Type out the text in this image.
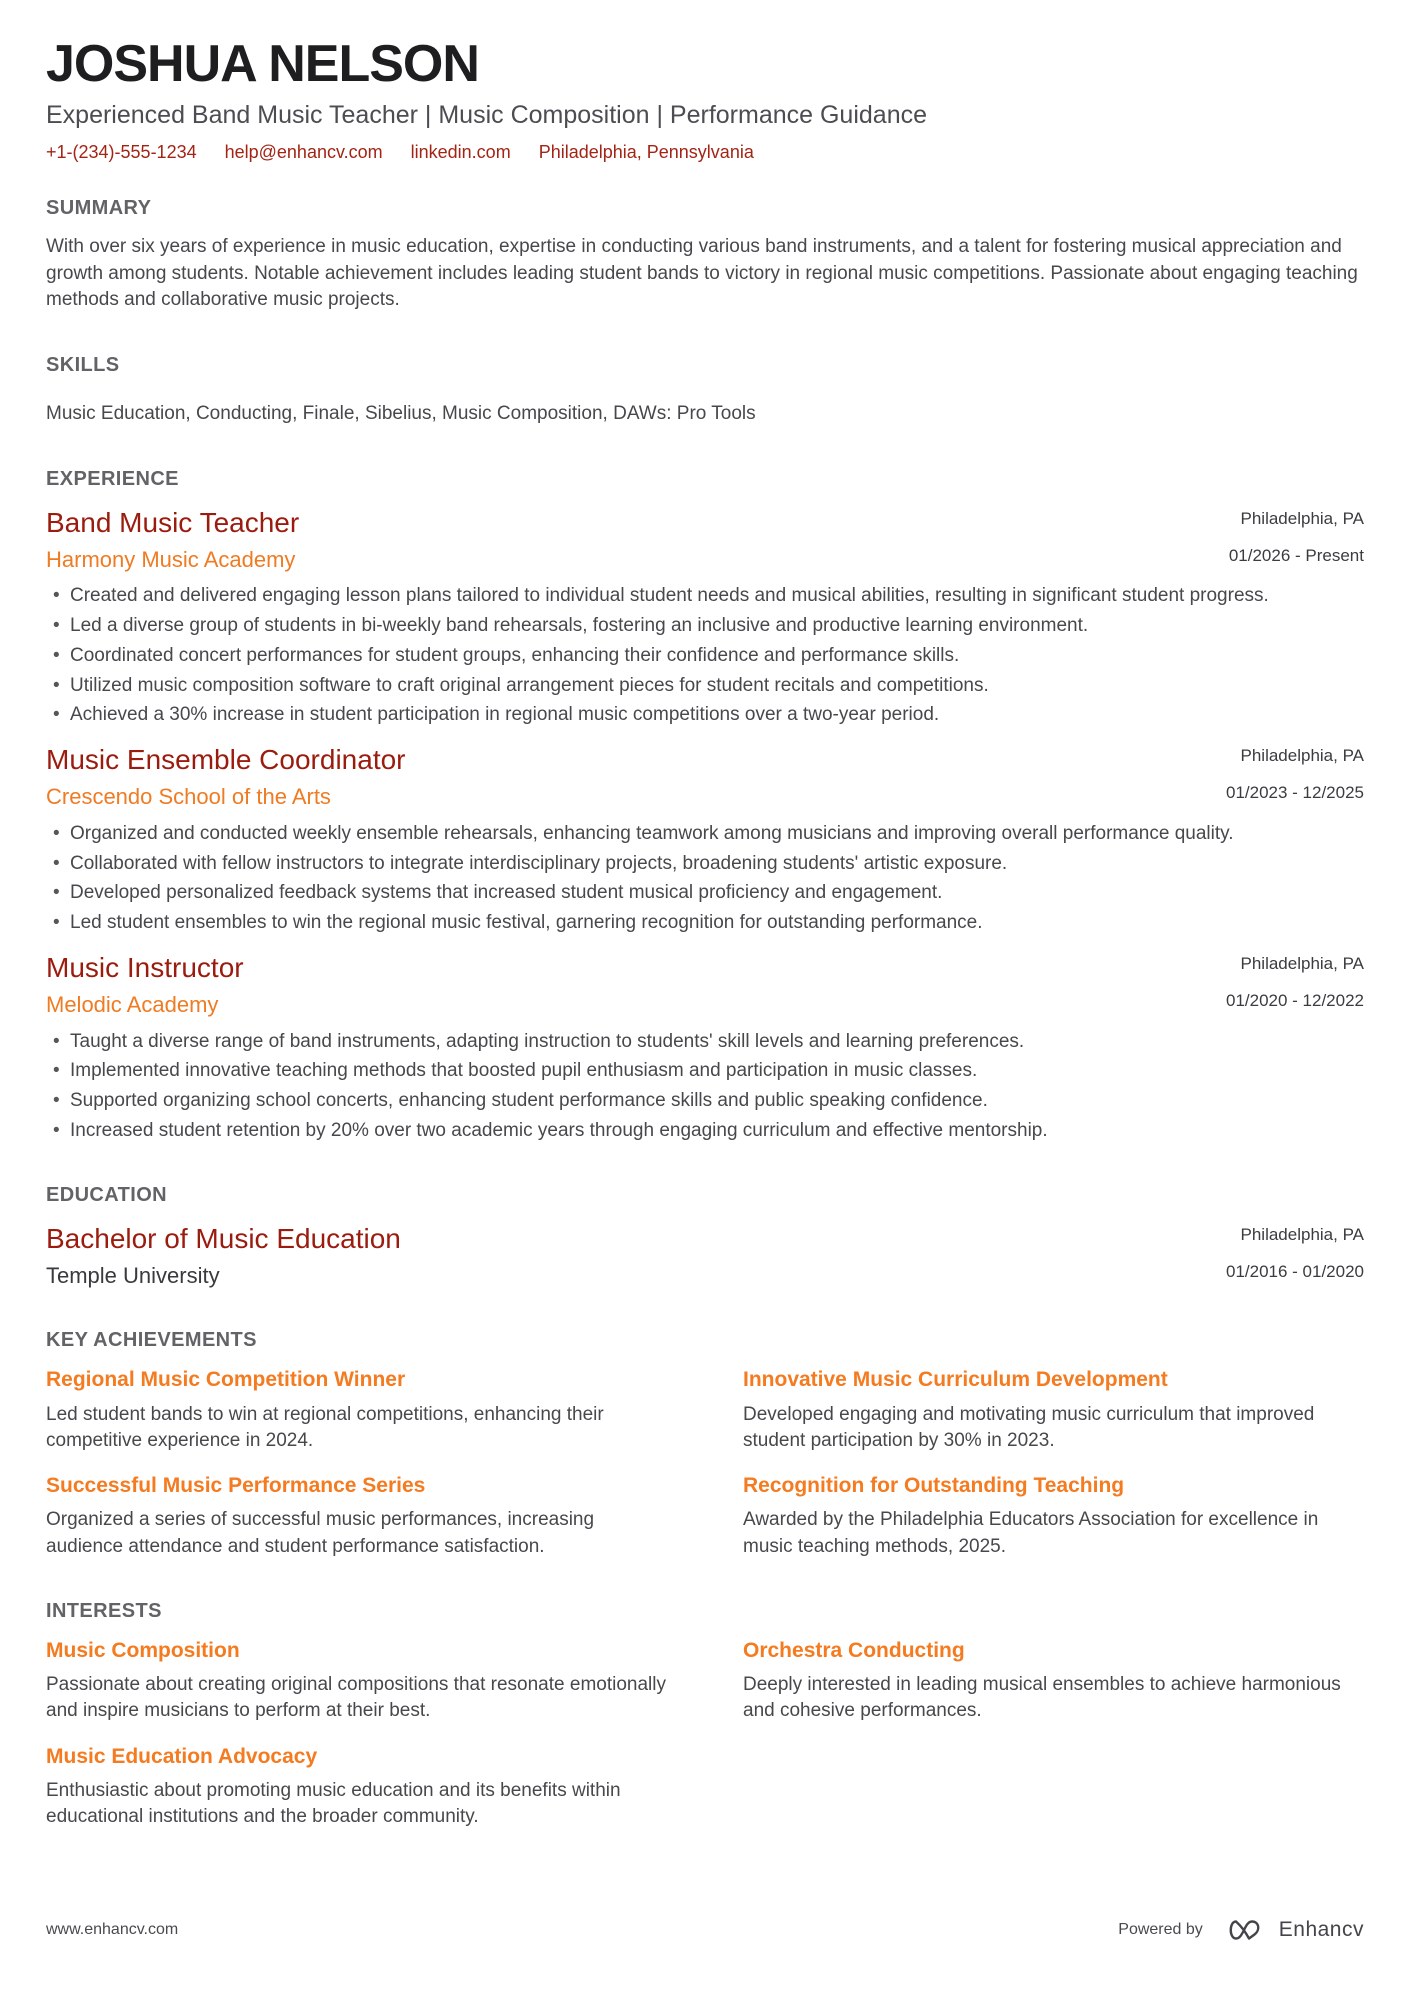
JOSHUA NELSON
Experienced Band Music Teacher | Music Composition | Performance Guidance
+1-(234)-555-1234 help@enhancv.com linkedin.com Philadelphia, Pennsylvania
SUMMARY
With over six years of experience in music education, expertise in conducting various band instruments, and a talent for fostering musical appreciation and growth among students. Notable achievement includes leading student bands to victory in regional music competitions. Passionate about engaging teaching methods and collaborative music projects.
SKILLS
Music Education, Conducting, Finale, Sibelius, Music Composition, DAWs: Pro Tools
EXPERIENCE
Band Music Teacher
Harmony Music Academy
Philadelphia, PA
01/2026 - Present
• Created and delivered engaging lesson plans tailored to individual student needs and musical abilities, resulting in significant student progress.
• Led a diverse group of students in bi-weekly band rehearsals, fostering an inclusive and productive learning environment.
• Coordinated concert performances for student groups, enhancing their confidence and performance skills.
• Utilized music composition software to craft original arrangement pieces for student recitals and competitions.
• Achieved a 30% increase in student participation in regional music competitions over a two-year period.
Music Ensemble Coordinator
Crescendo School of the Arts
Philadelphia, PA
01/2023 - 12/2025
• Organized and conducted weekly ensemble rehearsals, enhancing teamwork among musicians and improving overall performance quality.
• Collaborated with fellow instructors to integrate interdisciplinary projects, broadening students' artistic exposure.
• Developed personalized feedback systems that increased student musical proficiency and engagement.
• Led student ensembles to win the regional music festival, garnering recognition for outstanding performance.
Music Instructor
Melodic Academy
Philadelphia, PA
01/2020 - 12/2022
• Taught a diverse range of band instruments, adapting instruction to students' skill levels and learning preferences.
• Implemented innovative teaching methods that boosted pupil enthusiasm and participation in music classes.
• Supported organizing school concerts, enhancing student performance skills and public speaking confidence.
• Increased student retention by 20% over two academic years through engaging curriculum and effective mentorship.
EDUCATION
Bachelor of Music Education
Temple University
Philadelphia, PA
01/2016 - 01/2020
KEY ACHIEVEMENTS
Regional Music Competition Winner
Led student bands to win at regional competitions, enhancing their competitive experience in 2024.
Innovative Music Curriculum Development
Developed engaging and motivating music curriculum that improved student participation by 30% in 2023.
Successful Music Performance Series
Organized a series of successful music performances, increasing audience attendance and student performance satisfaction.
Recognition for Outstanding Teaching
Awarded by the Philadelphia Educators Association for excellence in music teaching methods, 2025.
INTERESTS
Music Composition
Passionate about creating original compositions that resonate emotionally and inspire musicians to perform at their best.
Orchestra Conducting
Deeply interested in leading musical ensembles to achieve harmonious and cohesive performances.
Music Education Advocacy
Enthusiastic about promoting music education and its benefits within educational institutions and the broader community.
www.enhancv.com	Powered by	Enhancv
